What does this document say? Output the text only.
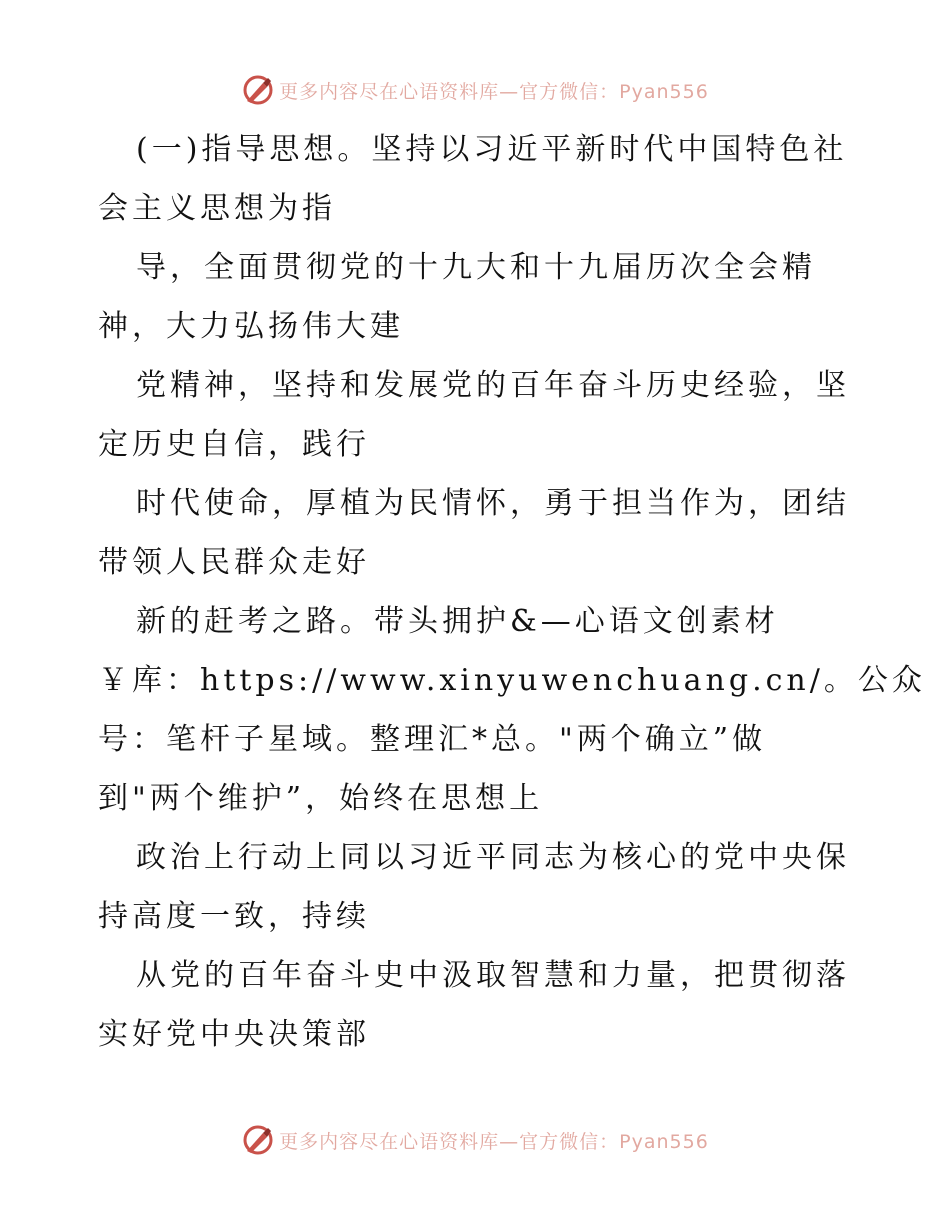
更多内容尽在心语资料库—官方微信：Pyan556
(一)指导思想。坚持以习近平新时代中国特色社
会主义思想为指
导，全面贯彻党的十九大和十九届历次全会精
神，大力弘扬伟大建
党精神，坚持和发展党的百年奋斗历史经验，坚
定历史自信，践行
时代使命，厚植为民情怀，勇于担当作为，团结
带领人民群众走好
新的赶考之路。带头拥护&—心语文创素材
￥库：https://www.xinyuwenchuang.cn/。公众
号：笔杆子星域。整理汇*总。"两个确立”做
到"两个维护”，始终在思想上
政治上行动上同以习近平同志为核心的党中央保
持高度一致，持续
从党的百年奋斗史中汲取智慧和力量，把贯彻落
实好党中央决策部
更多内容尽在心语资料库—官方微信：Pyan556
